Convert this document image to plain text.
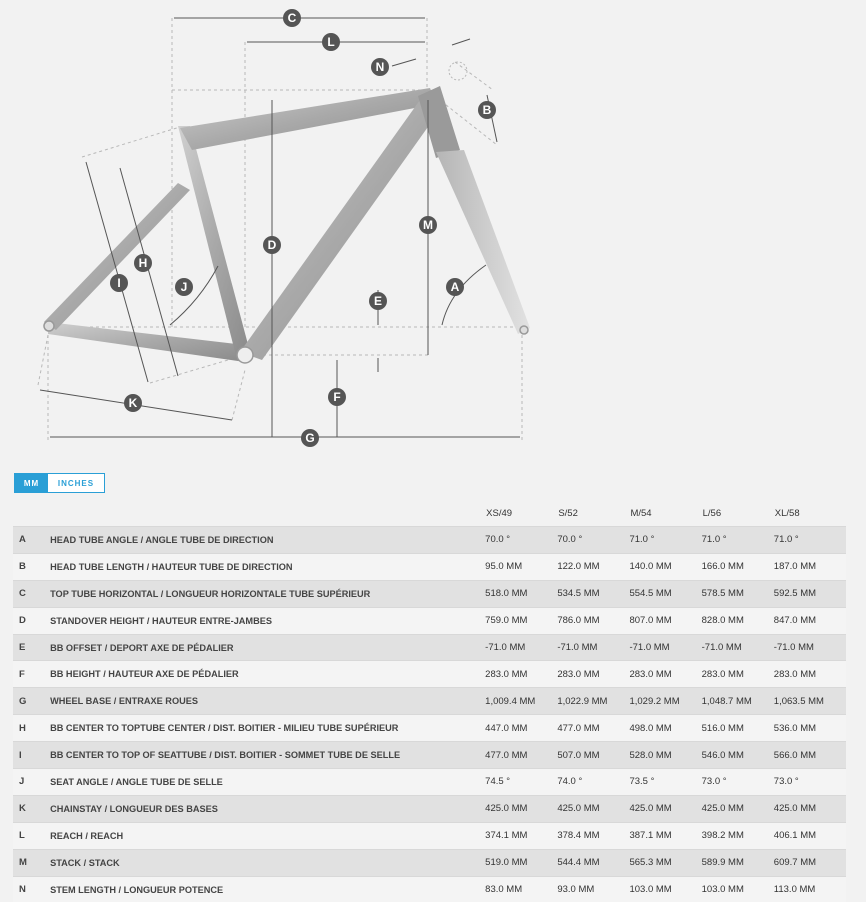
C
L
N
B
D
M
A
E
H
I	J
F
K
G
MM	INCHES
		XS/49	S/52	M/54	L/56	XL/58
A	HEAD TUBE ANGLE / ANGLE TUBE DE DIRECTION	70.0 °	70.0 °	71.0 °	71.0 °	71.0 °
B	HEAD TUBE LENGTH / HAUTEUR TUBE DE DIRECTION	95.0 MM	122.0 MM	140.0 MM	166.0 MM	187.0 MM
C	TOP TUBE HORIZONTAL / LONGUEUR HORIZONTALE TUBE SUPÉRIEUR	518.0 MM	534.5 MM	554.5 MM	578.5 MM	592.5 MM
D	STANDOVER HEIGHT / HAUTEUR ENTRE-JAMBES	759.0 MM	786.0 MM	807.0 MM	828.0 MM	847.0 MM
E	BB OFFSET / DEPORT AXE DE PÉDALIER	-71.0 MM	-71.0 MM	-71.0 MM	-71.0 MM	-71.0 MM
F	BB HEIGHT / HAUTEUR AXE DE PÉDALIER	283.0 MM	283.0 MM	283.0 MM	283.0 MM	283.0 MM
G	WHEEL BASE / ENTRAXE ROUES	1,009.4 MM	1,022.9 MM	1,029.2 MM	1,048.7 MM	1,063.5 MM
H	BB CENTER TO TOPTUBE CENTER / DIST. BOITIER - MILIEU TUBE SUPÉRIEUR	447.0 MM	477.0 MM	498.0 MM	516.0 MM	536.0 MM
I	BB CENTER TO TOP OF SEATTUBE / DIST. BOITIER - SOMMET TUBE DE SELLE	477.0 MM	507.0 MM	528.0 MM	546.0 MM	566.0 MM
J	SEAT ANGLE / ANGLE TUBE DE SELLE	74.5 °	74.0 °	73.5 °	73.0 °	73.0 °
K	CHAINSTAY / LONGUEUR DES BASES	425.0 MM	425.0 MM	425.0 MM	425.0 MM	425.0 MM
L	REACH / REACH	374.1 MM	378.4 MM	387.1 MM	398.2 MM	406.1 MM
M	STACK / STACK	519.0 MM	544.4 MM	565.3 MM	589.9 MM	609.7 MM
N	STEM LENGTH / LONGUEUR POTENCE	83.0 MM	93.0 MM	103.0 MM	103.0 MM	113.0 MM
